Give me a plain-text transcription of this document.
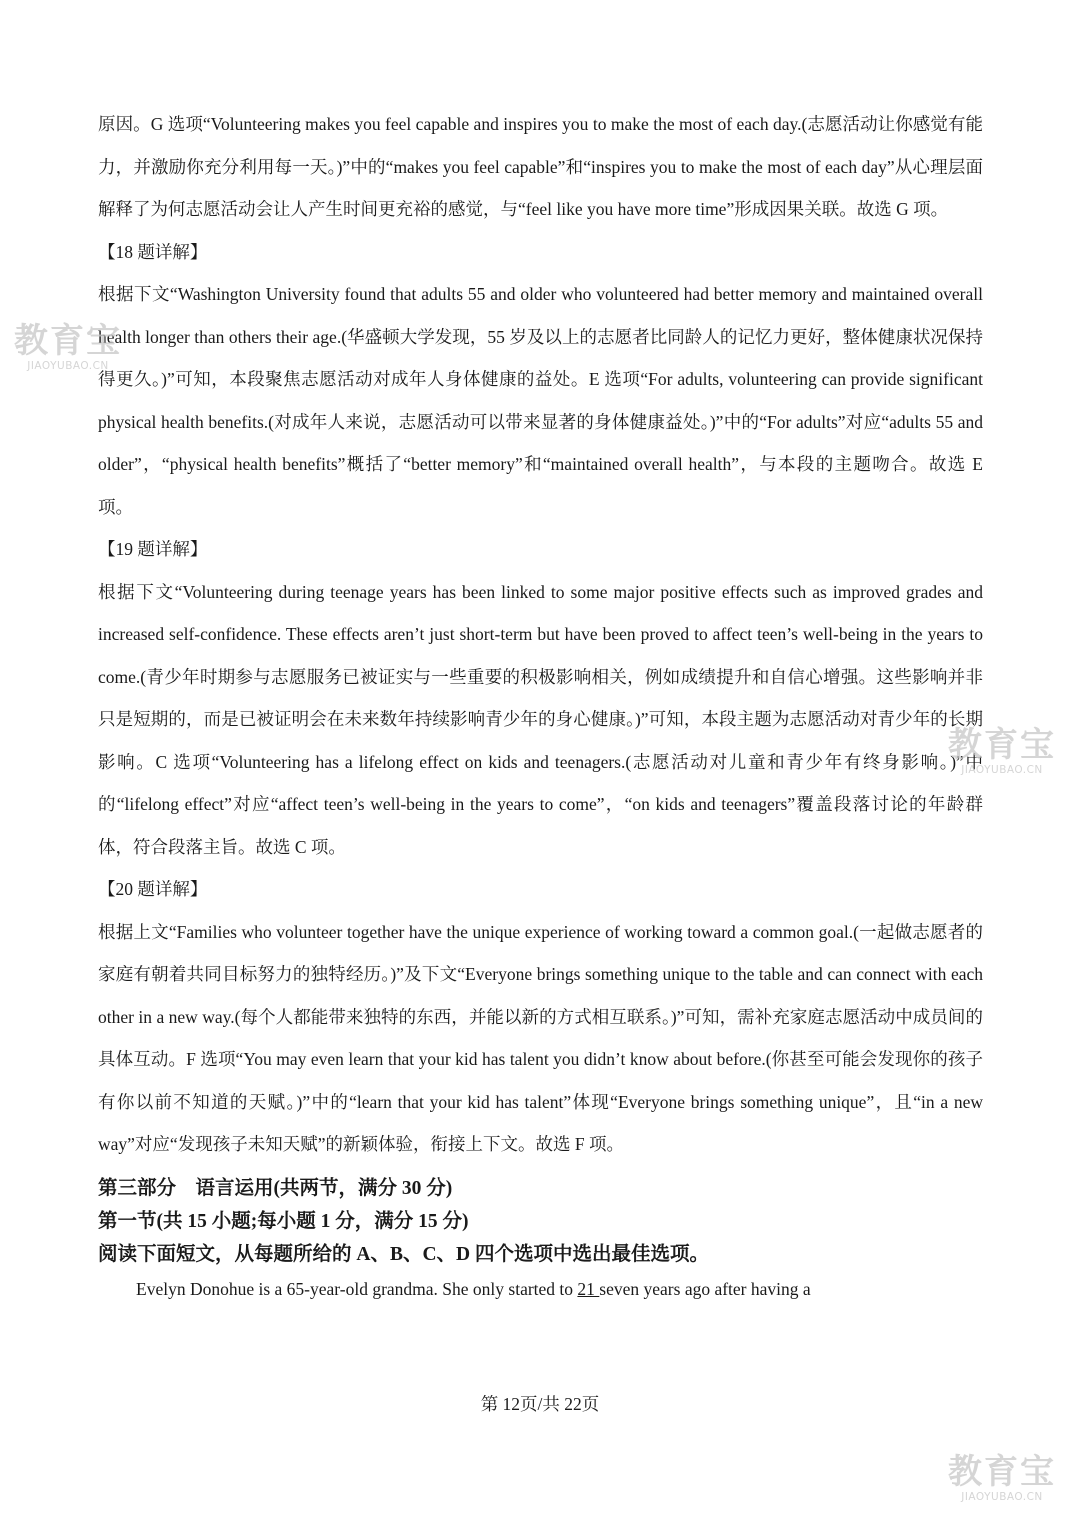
原因。G 选项“Volunteering makes you feel capable and inspires you to make the most of each day.(志愿活动让你感觉有能力，并激励你充分利用每一天。)”中的“makes you feel capable”和“inspires you to make the most of each day”从心理层面解释了为何志愿活动会让人产生时间更充裕的感觉，与“feel like you have more time”形成因果关联。故选 G 项。

【18 题详解】

根据下文“Washington University found that adults 55 and older who volunteered had better memory and maintained overall health longer than others their age.(华盛顿大学发现，55 岁及以上的志愿者比同龄人的记忆力更好，整体健康状况保持得更久。)”可知，本段聚焦志愿活动对成年人身体健康的益处。E 选项“For adults, volunteering can provide significant physical health benefits.(对成年人来说，志愿活动可以带来显著的身体健康益处。)”中的“For adults”对应“adults 55 and older”，“physical health benefits”概括了“better memory”和“maintained overall health”，与本段的主题吻合。故选 E 项。

【19 题详解】

根据下文“Volunteering during teenage years has been linked to some major positive effects such as improved grades and increased self-confidence. These effects aren’t just short-term but have been proved to affect teen’s well-being in the years to come.(青少年时期参与志愿服务已被证实与一些重要的积极影响相关，例如成绩提升和自信心增强。这些影响并非只是短期的，而是已被证明会在未来数年持续影响青少年的身心健康。)”可知，本段主题为志愿活动对青少年的长期影响。C 选项“Volunteering has a lifelong effect on kids and teenagers.(志愿活动对儿童和青少年有终身影响。)”中的“lifelong effect”对应“affect teen’s well-being in the years to come”，“on kids and teenagers”覆盖段落讨论的年龄群体，符合段落主旨。故选 C 项。

【20 题详解】

根据上文“Families who volunteer together have the unique experience of working toward a common goal.(一起做志愿者的家庭有朝着共同目标努力的独特经历。)”及下文“Everyone brings something unique to the table and can connect with each other in a new way.(每个人都能带来独特的东西，并能以新的方式相互联系。)”可知，需补充家庭志愿活动中成员间的具体互动。F 选项“You may even learn that your kid has talent you didn’t know about before.(你甚至可能会发现你的孩子有你以前不知道的天赋。)”中的“learn that your kid has talent”体现“Everyone brings something unique”，且“in a new way”对应“发现孩子未知天赋”的新颖体验，衔接上下文。故选 F 项。

第三部分　语言运用(共两节，满分 30 分)

第一节(共 15 小题;每小题 1 分，满分 15 分)

阅读下面短文，从每题所给的 A、B、C、D 四个选项中选出最佳选项。

Evelyn Donohue is a 65-year-old grandma. She only started to 21 seven years ago after having a

第 12页/共 22页
教育宝
JIAOYUBAO.CN
教育宝
JIAOYUBAO.CN
教育宝
JIAOYUBAO.CN
